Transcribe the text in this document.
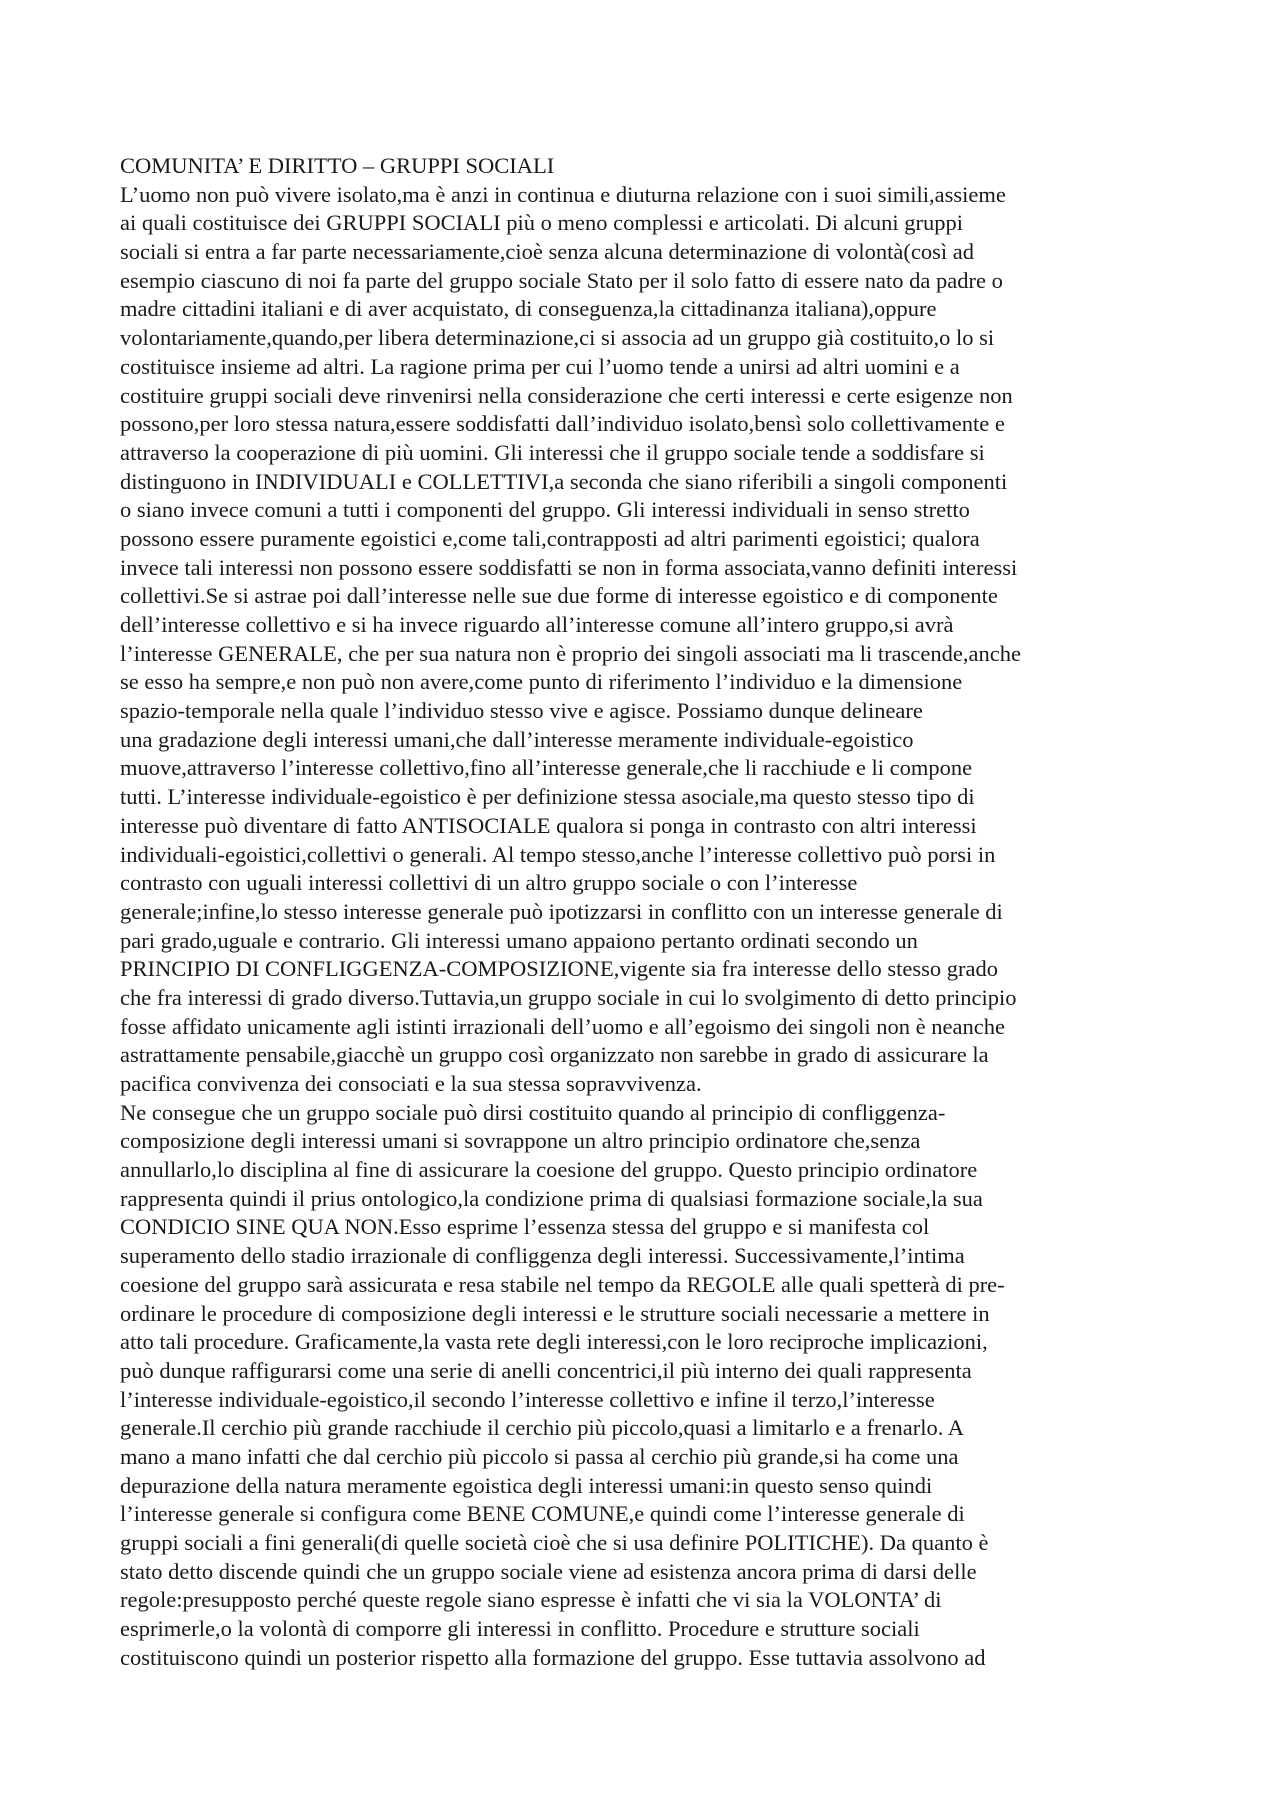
COMUNITA’ E DIRITTO – GRUPPI SOCIALI
L’uomo non può vivere isolato,ma è anzi in continua e diuturna relazione con i suoi simili,assieme
ai quali costituisce dei GRUPPI SOCIALI più o meno complessi e articolati. Di alcuni gruppi
sociali si entra a far parte necessariamente,cioè senza alcuna determinazione di volontà(così ad
esempio ciascuno di noi fa parte del gruppo sociale Stato per il solo fatto di essere nato da padre o
madre cittadini italiani e di aver acquistato, di conseguenza,la cittadinanza italiana),oppure
volontariamente,quando,per libera determinazione,ci si associa ad un gruppo già costituito,o lo si
costituisce insieme ad altri. La ragione prima per cui l’uomo tende a unirsi ad altri uomini e a
costituire gruppi sociali deve rinvenirsi nella considerazione che certi interessi e certe esigenze non
possono,per loro stessa natura,essere soddisfatti dall’individuo isolato,bensì solo collettivamente e
attraverso la cooperazione di più uomini. Gli interessi che il gruppo sociale tende a soddisfare si
distinguono in INDIVIDUALI e COLLETTIVI,a seconda che siano riferibili a singoli componenti
o siano invece comuni a tutti i componenti del gruppo. Gli interessi individuali in senso stretto
possono essere puramente egoistici e,come tali,contrapposti ad altri parimenti egoistici; qualora
invece tali interessi non possono essere soddisfatti se non in forma associata,vanno definiti interessi
collettivi.Se si astrae poi dall’interesse nelle sue due forme di interesse egoistico e di componente
dell’interesse collettivo e si ha invece riguardo all’interesse comune all’intero gruppo,si avrà
l’interesse GENERALE, che per sua natura non è proprio dei singoli associati ma li trascende,anche
se esso ha sempre,e non può non avere,come punto di riferimento l’individuo e la dimensione
spazio-temporale nella quale l’individuo stesso vive e agisce. Possiamo dunque delineare
una gradazione degli interessi umani,che dall’interesse meramente individuale-egoistico
muove,attraverso l’interesse collettivo,fino all’interesse generale,che li racchiude e li compone
tutti. L’interesse individuale-egoistico è per definizione stessa asociale,ma questo stesso tipo di
interesse può diventare di fatto ANTISOCIALE qualora si ponga in contrasto con altri interessi
individuali-egoistici,collettivi o generali. Al tempo stesso,anche l’interesse collettivo può porsi in
contrasto con uguali interessi collettivi di un altro gruppo sociale o con l’interesse
generale;infine,lo stesso interesse generale può ipotizzarsi in conflitto con un interesse generale di
pari grado,uguale e contrario. Gli interessi umano appaiono pertanto ordinati secondo un
PRINCIPIO DI CONFLIGGENZA-COMPOSIZIONE,vigente sia fra interesse dello stesso grado
che fra interessi di grado diverso.Tuttavia,un gruppo sociale in cui lo svolgimento di detto principio
fosse affidato unicamente agli istinti irrazionali dell’uomo e all’egoismo dei singoli non è neanche
astrattamente pensabile,giacchè un gruppo così organizzato non sarebbe in grado di assicurare la
pacifica convivenza dei consociati e la sua stessa sopravvivenza.
Ne consegue che un gruppo sociale può dirsi costituito quando al principio di confliggenza-
composizione degli interessi umani si sovrappone un altro principio ordinatore che,senza
annullarlo,lo disciplina al fine di assicurare la coesione del gruppo. Questo principio ordinatore
rappresenta quindi il prius ontologico,la condizione prima di qualsiasi formazione sociale,la sua
CONDICIO SINE QUA NON.Esso esprime l’essenza stessa del gruppo e si manifesta col
superamento dello stadio irrazionale di confliggenza degli interessi. Successivamente,l’intima
coesione del gruppo sarà assicurata e resa stabile nel tempo da REGOLE alle quali spetterà di pre-
ordinare le procedure di composizione degli interessi e le strutture sociali necessarie a mettere in
atto tali procedure. Graficamente,la vasta rete degli interessi,con le loro reciproche implicazioni,
può dunque raffigurarsi come una serie di anelli concentrici,il più interno dei quali rappresenta
l’interesse individuale-egoistico,il secondo l’interesse collettivo e infine il terzo,l’interesse
generale.Il cerchio più grande racchiude il cerchio più piccolo,quasi a limitarlo e a frenarlo. A
mano a mano infatti che dal cerchio più piccolo si passa al cerchio più grande,si ha come una
depurazione della natura meramente egoistica degli interessi umani:in questo senso quindi
l’interesse generale si configura come BENE COMUNE,e quindi come l’interesse generale di
gruppi sociali a fini generali(di quelle società cioè che si usa definire POLITICHE). Da quanto è
stato detto discende quindi che un gruppo sociale viene ad esistenza ancora prima di darsi delle
regole:presupposto perché queste regole siano espresse è infatti che vi sia la VOLONTA’ di
esprimerle,o la volontà di comporre gli interessi in conflitto. Procedure e strutture sociali
costituiscono quindi un posterior rispetto alla formazione del gruppo. Esse tuttavia assolvono ad
